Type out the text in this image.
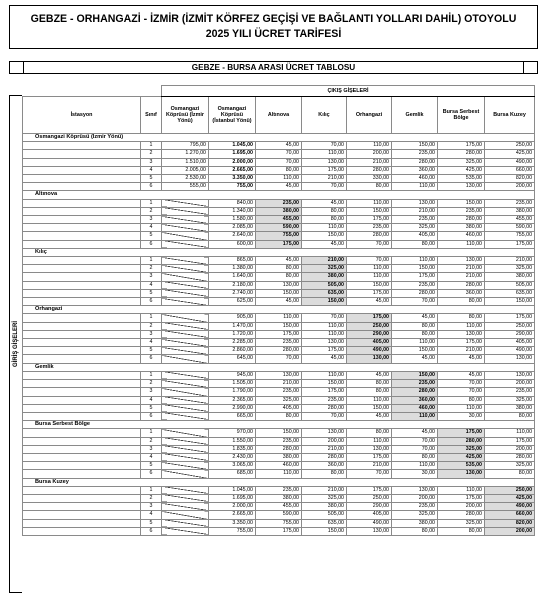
GEBZE - ORHANGAZİ - İZMİR (İZMİT KÖRFEZ GEÇİŞİ VE BAĞLANTI YOLLARI DAHİL) OTOYOLU
2025 YILI ÜCRET TARİFESİ
GEBZE - BURSA ARASI ÜCRET TABLOSU
GİRİŞ GİŞELERİ
		ÇIKIŞ GİŞELERİ							
İstasyon	Sınıf	Osmangazi Köprüsü (İzmir Yönü)	Osmangazi Köprüsü (İstanbul Yönü)	Altınova	Kılıç	Orhangazi	Gemlik	Bursa Serbest Bölge	Bursa Kuzey
Osmangazi Köprüsü (İzmir Yönü)									
	1	795,00	1.045,00	45,00	70,00	110,00	150,00	175,00	250,00
	2	1.270,00	1.695,00	70,00	110,00	200,00	235,00	280,00	425,00
	3	1.510,00	2.000,00	70,00	130,00	210,00	280,00	325,00	490,00
	4	2.005,00	2.665,00	80,00	175,00	280,00	360,00	425,00	660,00
	5	2.530,00	3.350,00	110,00	210,00	330,00	460,00	535,00	820,00
	6	555,00	755,00	45,00	70,00	80,00	110,00	130,00	200,00
Altınova									
	1		840,00	235,00	45,00	110,00	130,00	150,00	235,00
	2		1.340,00	380,00	80,00	150,00	210,00	235,00	380,00
	3		1.580,00	455,00	80,00	175,00	235,00	280,00	455,00
	4		2.085,00	590,00	110,00	235,00	325,00	380,00	590,00
	5		2.640,00	755,00	150,00	280,00	405,00	460,00	755,00
	6		600,00	175,00	45,00	70,00	80,00	110,00	175,00
Kılıç									
	1		865,00	45,00	210,00	70,00	110,00	130,00	210,00
	2		1.380,00	80,00	325,00	110,00	150,00	210,00	325,00
	3		1.640,00	80,00	380,00	110,00	175,00	210,00	380,00
	4		2.180,00	130,00	505,00	150,00	235,00	280,00	505,00
	5		2.740,00	150,00	635,00	175,00	280,00	360,00	635,00
	6		625,00	45,00	150,00	45,00	70,00	80,00	150,00
Orhangazi									
	1		905,00	110,00	70,00	175,00	45,00	80,00	175,00
	2		1.470,00	150,00	110,00	250,00	80,00	110,00	250,00
	3		1.720,00	175,00	110,00	290,00	80,00	130,00	290,00
	4		2.285,00	235,00	130,00	405,00	110,00	175,00	405,00
	5		2.860,00	280,00	175,00	490,00	150,00	210,00	490,00
	6		645,00	70,00	45,00	130,00	45,00	45,00	130,00
Gemlik									
	1		945,00	130,00	110,00	45,00	150,00	45,00	130,00
	2		1.505,00	210,00	150,00	80,00	235,00	70,00	200,00
	3		1.790,00	235,00	175,00	80,00	280,00	70,00	235,00
	4		2.365,00	325,00	235,00	110,00	360,00	80,00	325,00
	5		2.990,00	405,00	280,00	150,00	460,00	110,00	380,00
	6		665,00	80,00	70,00	45,00	110,00	30,00	80,00
Bursa Serbest Bölge									
	1		970,00	150,00	130,00	80,00	45,00	175,00	110,00
	2		1.550,00	235,00	200,00	110,00	70,00	280,00	175,00
	3		1.835,00	280,00	210,00	130,00	70,00	325,00	200,00
	4		2.430,00	380,00	280,00	175,00	80,00	425,00	280,00
	5		3.065,00	460,00	360,00	210,00	110,00	535,00	325,00
	6		685,00	110,00	80,00	70,00	30,00	130,00	80,00
Bursa Kuzey									
	1		1.045,00	235,00	210,00	175,00	130,00	110,00	250,00
	2		1.695,00	380,00	325,00	250,00	200,00	175,00	425,00
	3		2.000,00	455,00	380,00	290,00	235,00	200,00	490,00
	4		2.665,00	590,00	505,00	405,00	325,00	280,00	660,00
	5		3.350,00	755,00	635,00	490,00	380,00	325,00	820,00
	6		755,00	175,00	150,00	130,00	80,00	80,00	200,00
